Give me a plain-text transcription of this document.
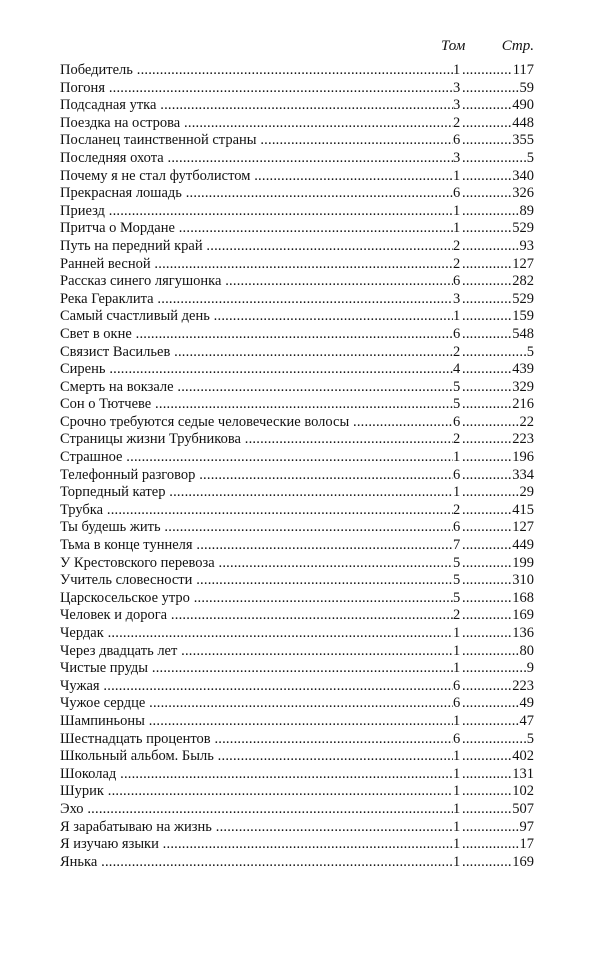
Том Стр.
Победитель .....	1	..... 117
Погоня .....	3	..... 59
Подсадная утка .....	3	..... 490
Поездка на острова .....	2	..... 448
Посланец таинственной страны .....	6	..... 355
Последняя охота .....	3	..... 5
Почему я не стал футболистом .....	1	..... 340
Прекрасная лошадь .....	6	..... 326
Приезд .....	1	..... 89
Притча о Мордане .....	1	..... 529
Путь на передний край .....	2	..... 93
Ранней весной .....	2	..... 127
Рассказ синего лягушонка .....	6	..... 282
Река Гераклита .....	3	..... 529
Самый счастливый день .....	1	..... 159
Свет в окне .....	6	..... 548
Связист Васильев .....	2	..... 5
Сирень .....	4	..... 439
Смерть на вокзале .....	5	..... 329
Сон о Тютчеве .....	5	..... 216
Срочно требуются седые человеческие волосы .....	6	..... 22
Страницы жизни Трубникова .....	2	..... 223
Страшное .....	1	..... 196
Телефонный разговор .....	6	..... 334
Торпедный катер .....	1	..... 29
Трубка .....	2	..... 415
Ты будешь жить .....	6	..... 127
Тьма в конце туннеля .....	7	..... 449
У Крестовского перевоза .....	5	..... 199
Учитель словесности .....	5	..... 310
Царскосельское утро .....	5	..... 168
Человек и дорога .....	2	..... 169
Чердак .....	1	..... 136
Через двадцать лет .....	1	..... 80
Чистые пруды .....	1	..... 9
Чужая .....	6	..... 223
Чужое сердце .....	6	..... 49
Шампиньоны .....	1	..... 47
Шестнадцать процентов .....	6	..... 5
Школьный альбом. Быль .....	1	..... 402
Шоколад .....	1	..... 131
Шурик .....	1	..... 102
Эхо .....	1	..... 507
Я зарабатываю на жизнь .....	1	..... 97
Я изучаю языки .....	1	..... 17
Янька .....	1	..... 169
